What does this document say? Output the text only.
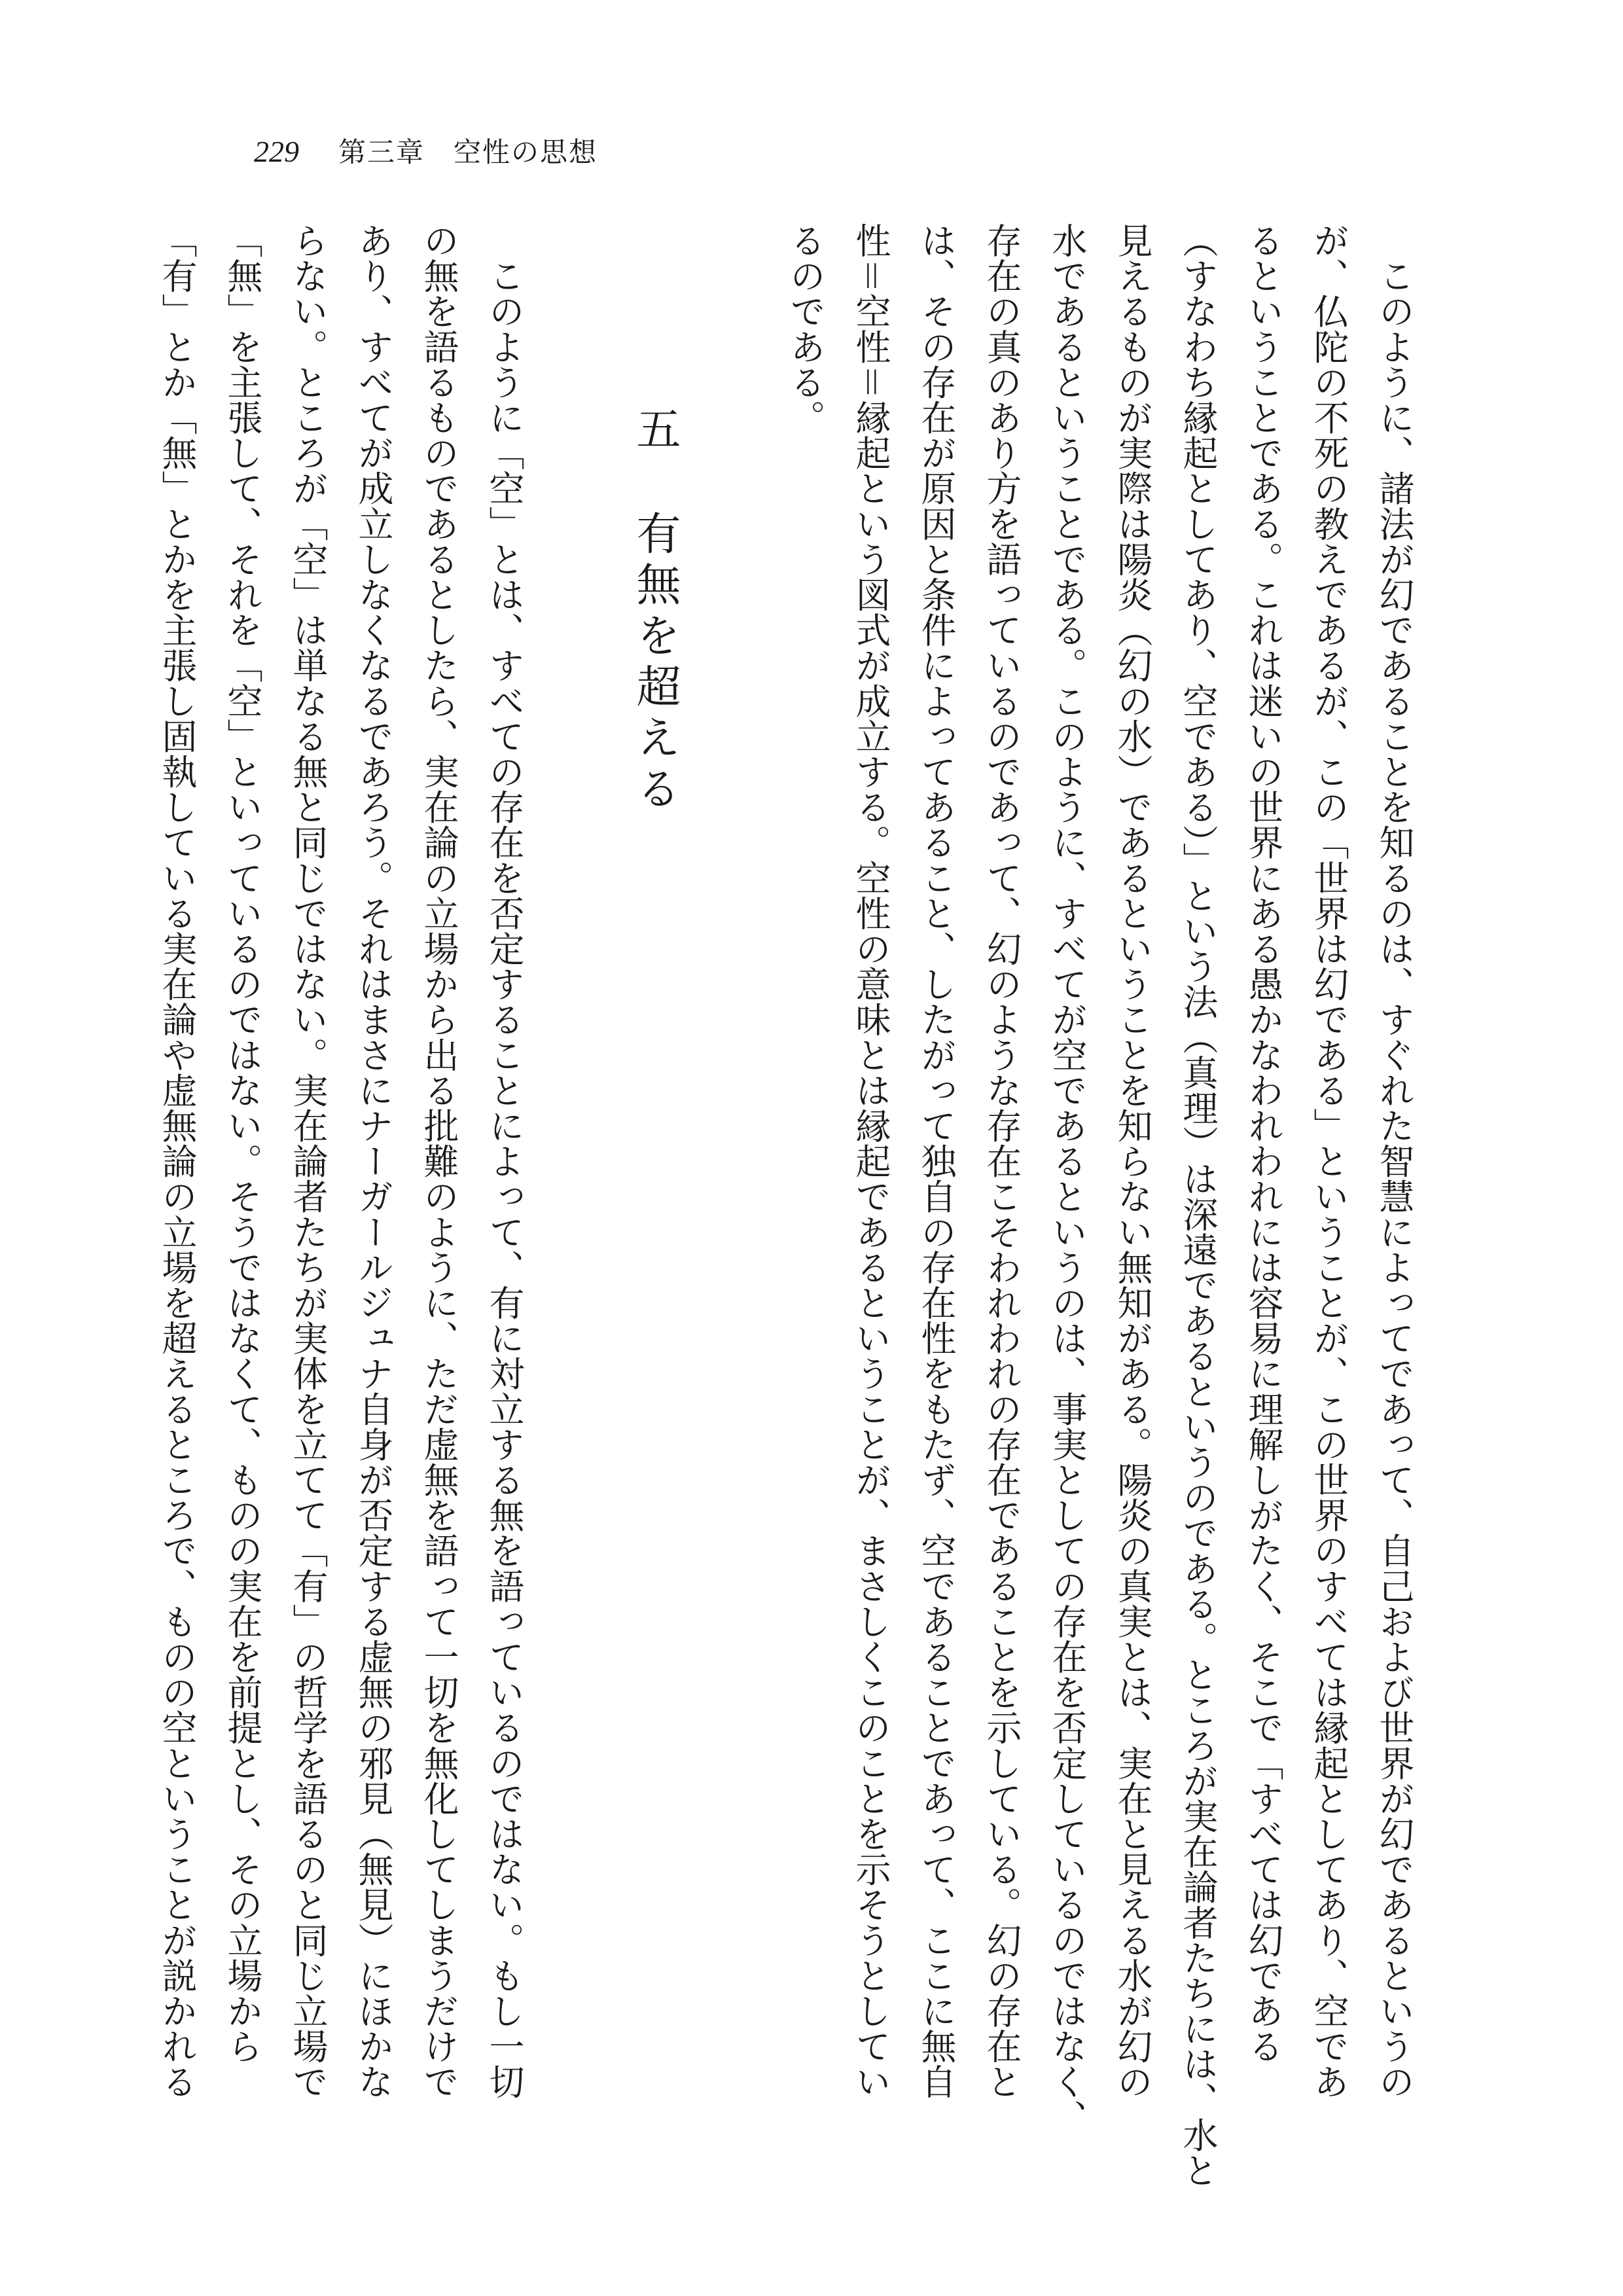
229 第三章　空性の思想
　このように、諸法が幻であることを知るのは、すぐれた智慧によってであって、自己および世界が幻であるというの
が、仏陀の不死の教えであるが、この「世界は幻である」ということが、この世界のすべては縁起としてあり、空であ
るということである。これは迷いの世界にある愚かなわれわれには容易に理解しがたく、そこで「すべては幻である
（すなわち縁起としてあり、空である）」という法（真理）は深遠であるというのである。ところが実在論者たちには、水と
見えるものが実際は陽炎（幻の水）であるということを知らない無知がある。陽炎の真実とは、実在と見える水が幻の
水であるということである。このように、すべてが空であるというのは、事実としての存在を否定しているのではなく、
存在の真のあり方を語っているのであって、幻のような存在こそわれわれの存在であることを示している。幻の存在と
は、その存在が原因と条件によってあること、したがって独自の存在性をもたず、空であることであって、ここに無自
性＝空性＝縁起という図式が成立する。空性の意味とは縁起であるということが、まさしくこのことを示そうとしてい
るのである。
五 有無を超える
　このように「空」とは、すべての存在を否定することによって、有に対立する無を語っているのではない。もし一切
の無を語るものであるとしたら、実在論の立場から出る批難のように、ただ虚無を語って一切を無化してしまうだけで
あり、すべてが成立しなくなるであろう。それはまさにナーガールジュナ自身が否定する虚無の邪見（無見）にほかな
らない。ところが「空」は単なる無と同じではない。実在論者たちが実体を立てて「有」の哲学を語るのと同じ立場で
「無」を主張して、それを「空」といっているのではない。そうではなくて、ものの実在を前提とし、その立場から
「有」とか「無」とかを主張し固執している実在論や虚無論の立場を超えるところで、ものの空ということが説かれる
